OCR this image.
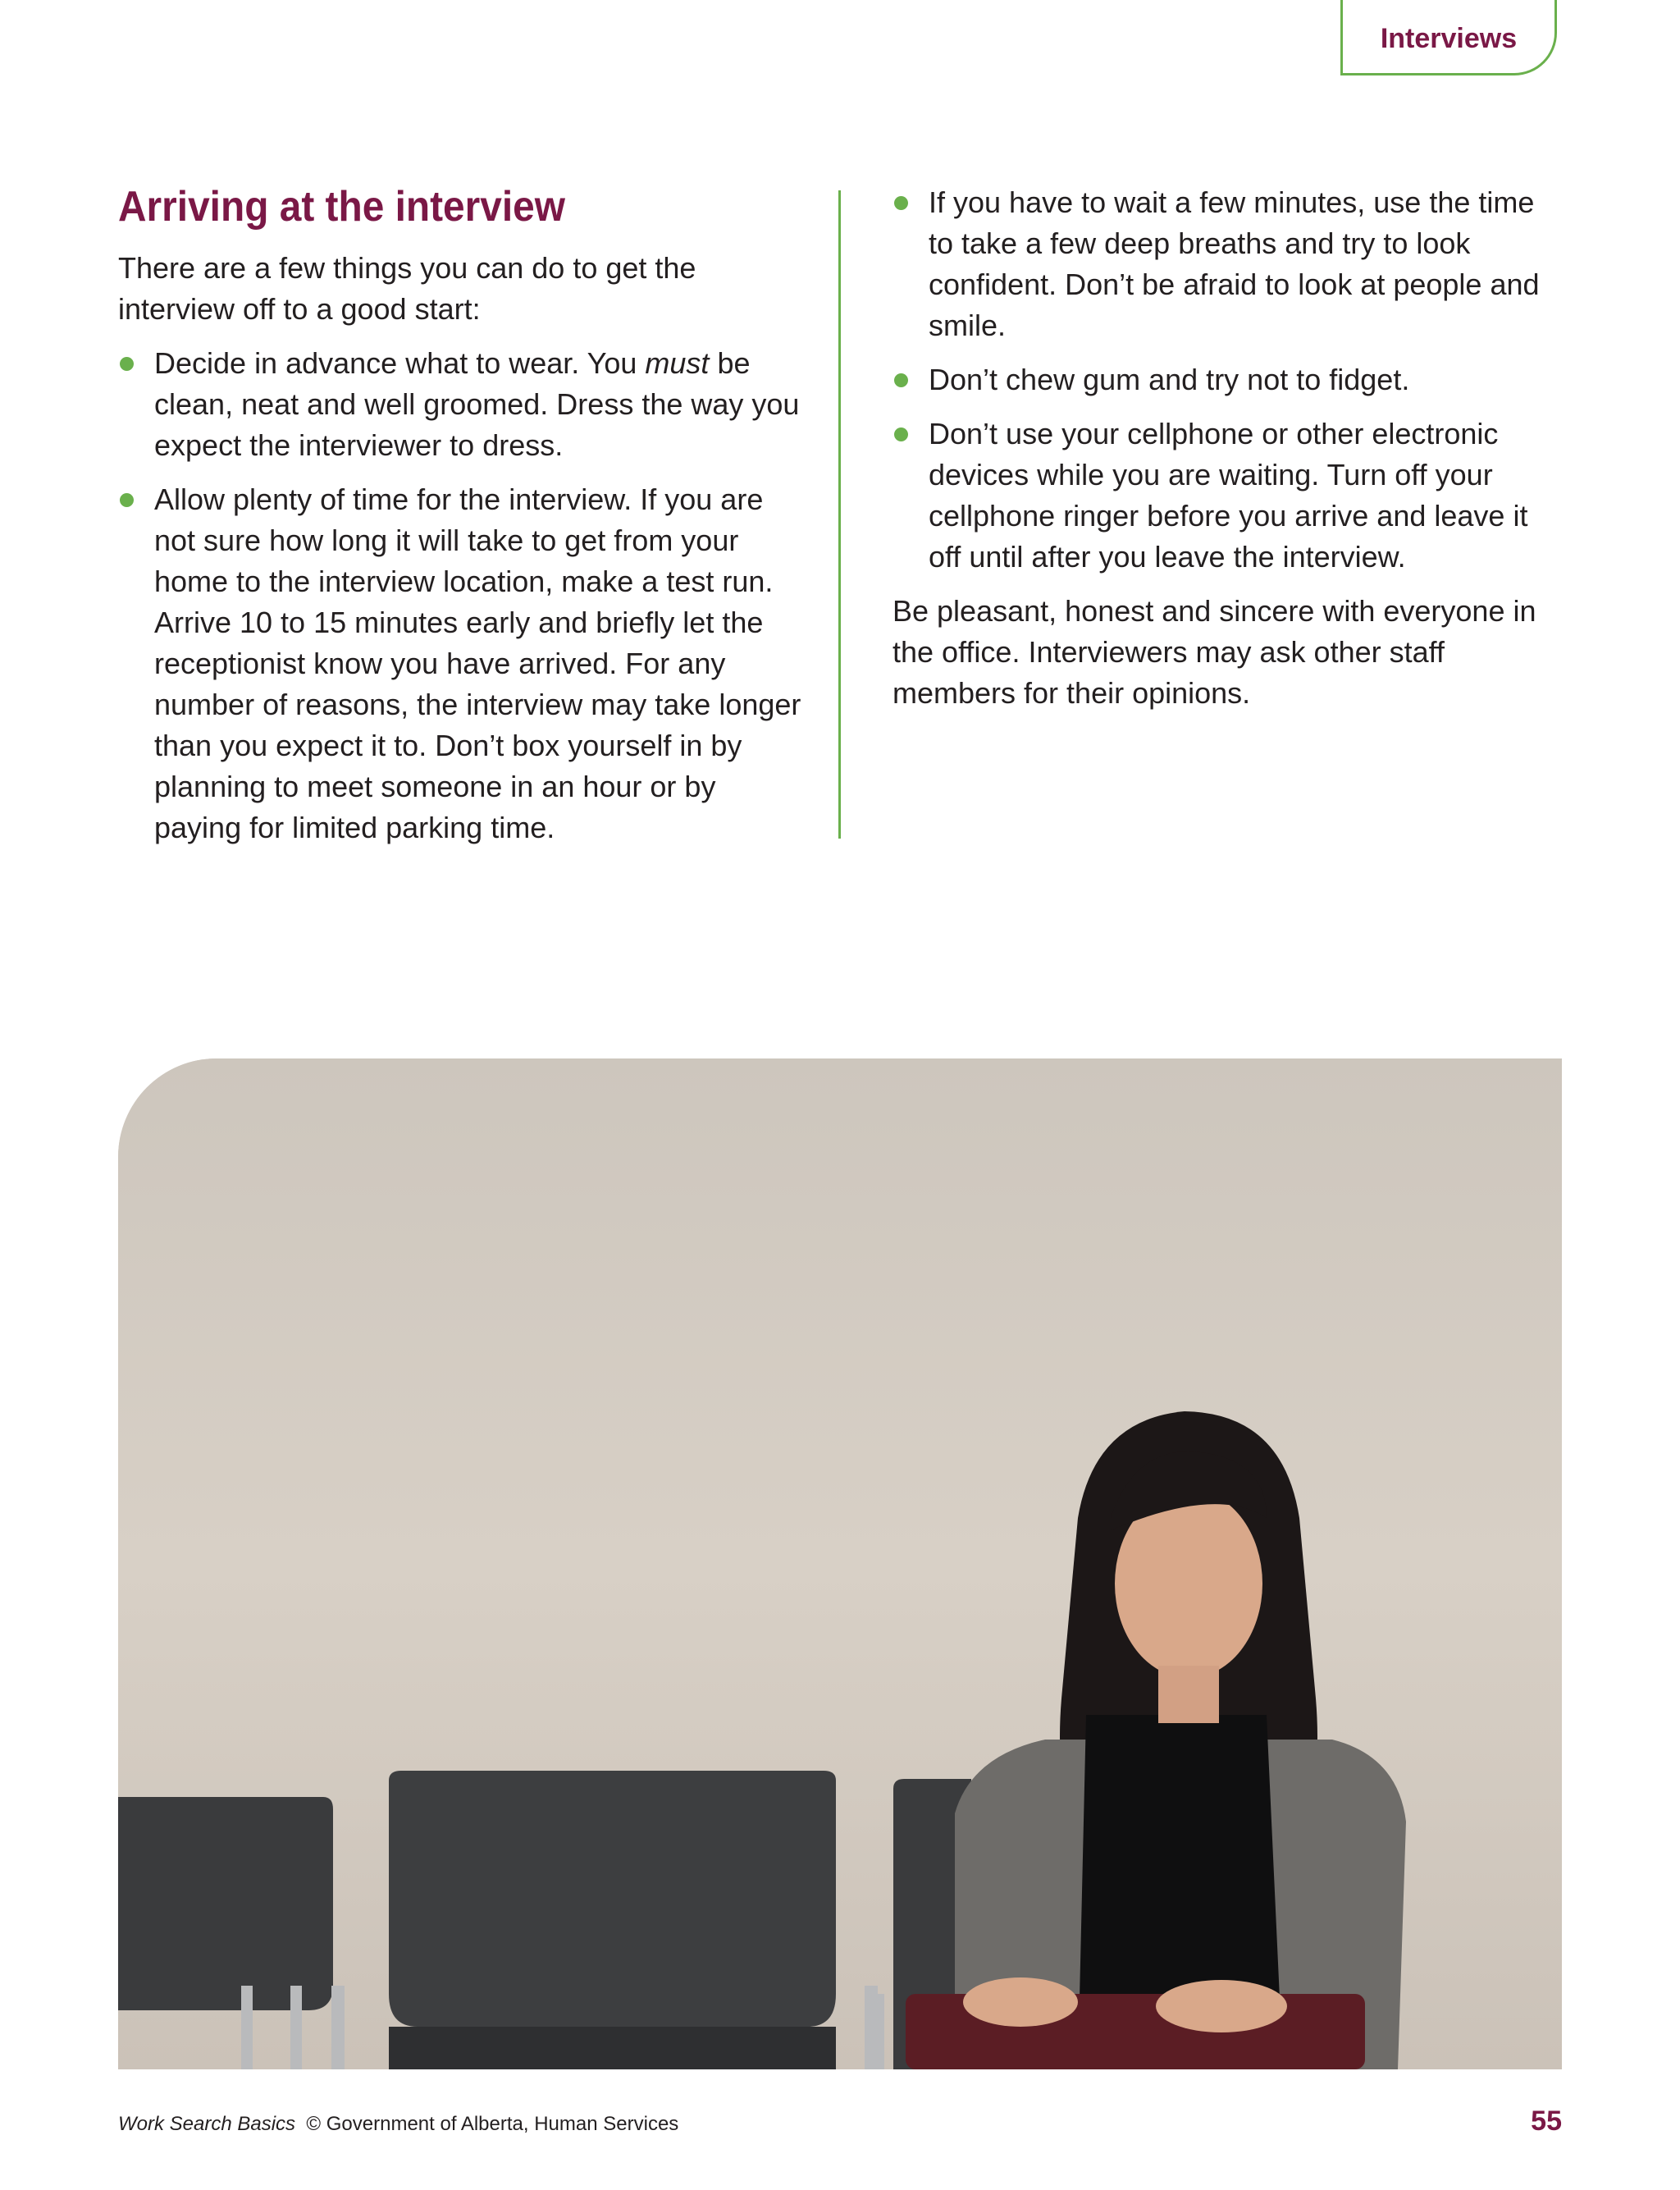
Interviews
Arriving at the interview

There are a few things you can do to get the interview off to a good start:

Decide in advance what to wear. You must be clean, neat and well groomed. Dress the way you expect the interviewer to dress.
Allow plenty of time for the interview. If you are not sure how long it will take to get from your home to the interview location, make a test run. Arrive 10 to 15 minutes early and briefly let the receptionist know you have arrived. For any number of reasons, the interview may take longer than you expect it to. Don’t box yourself in by planning to meet someone in an hour or by paying for limited parking time.
If you have to wait a few minutes, use the time to take a few deep breaths and try to look confident. Don’t be afraid to look at people and smile.
Don’t chew gum and try not to fidget.
Don’t use your cellphone or other electronic devices while you are waiting. Turn off your cellphone ringer before you arrive and leave it off until after you leave the interview.

Be pleasant, honest and sincere with everyone in the office. Interviewers may ask other staff members for their opinions.

Work Search Basics © Government of Alberta, Human Services	55
